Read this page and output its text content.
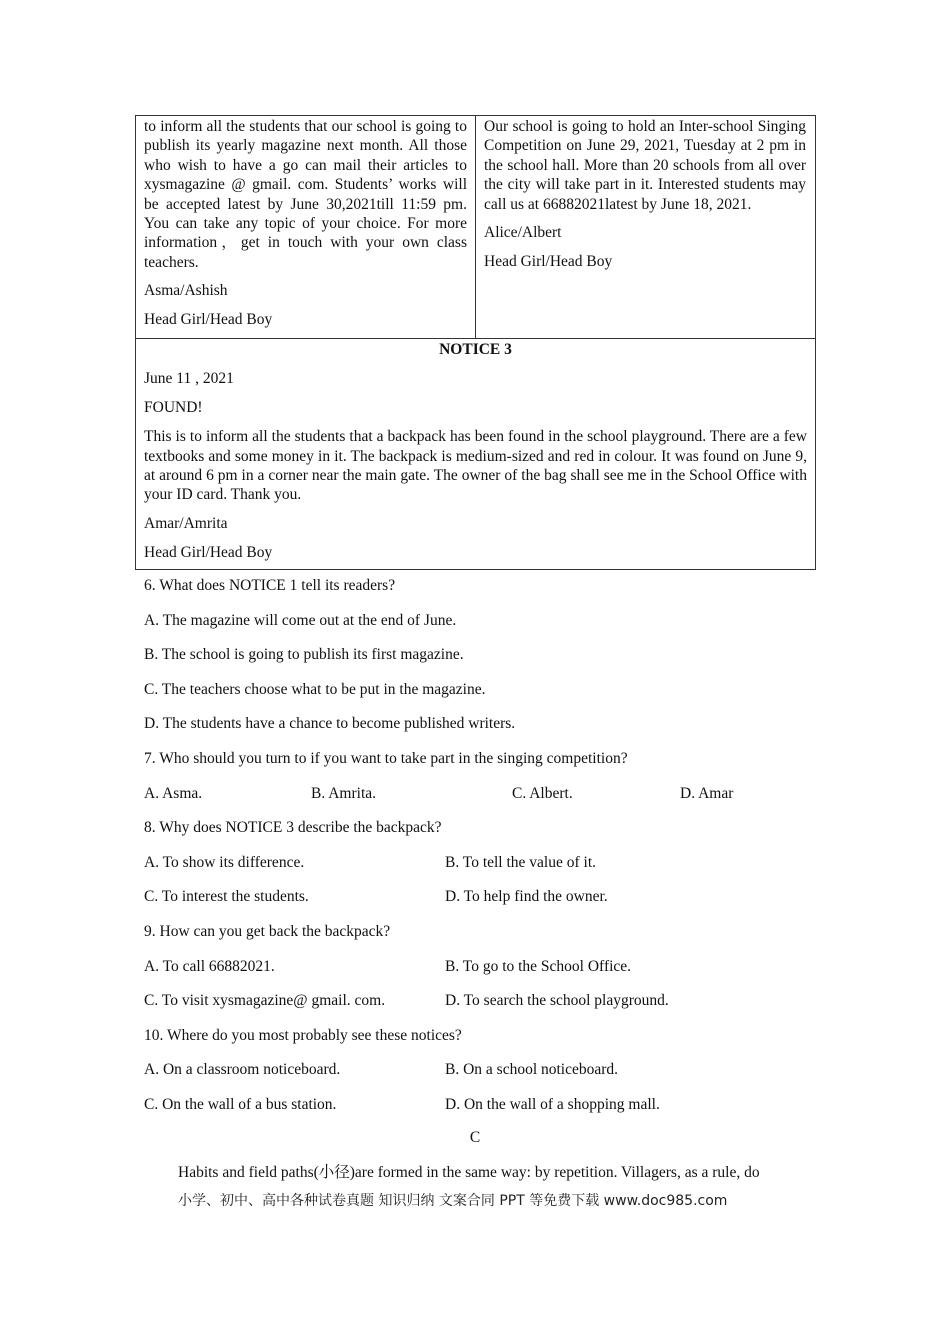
to inform all the students that our school is going to publish its yearly magazine next month. All those who wish to have a go can mail their articles to xysmagazine @ gmail. com. Students’ works will be accepted latest by June 30,2021till 11:59 pm. You can take any topic of your choice. For more information，get in touch with your own class teachers.

Asma/Ashish

Head Girl/Head Boy

Our school is going to hold an Inter-school Singing Competition on June 29, 2021, Tuesday at 2 pm in the school hall. More than 20 schools from all over the city will take part in it. Interested students may call us at 66882021latest by June 18, 2021.

Alice/Albert

Head Girl/Head Boy

NOTICE 3

June 11 , 2021

FOUND!

This is to inform all the students that a backpack has been found in the school playground. There are a few textbooks and some money in it. The backpack is medium-sized and red in colour. It was found on June 9, at around 6 pm in a corner near the main gate. The owner of the bag shall see me in the School Office with your ID card. Thank you.

Amar/Amrita

Head Girl/Head Boy

6. What does NOTICE 1 tell its readers?
A. The magazine will come out at the end of June.
B. The school is going to publish its first magazine.
C. The teachers choose what to be put in the magazine.
D. The students have a chance to become published writers.
7. Who should you turn to if you want to take part in the singing competition?
A. Asma.	B. Amrita.	C. Albert.	D. Amar
8. Why does NOTICE 3 describe the backpack?
A. To show its difference.	B. To tell the value of it.
C. To interest the students.	D. To help find the owner.
9. How can you get back the backpack?
A. To call 66882021.	B. To go to the School Office.
C. To visit xysmagazine@ gmail. com.	D. To search the school playground.
10. Where do you most probably see these notices?
A. On a classroom noticeboard.	B. On a school noticeboard.
C. On the wall of a bus station.	D. On the wall of a shopping mall.
C
Habits and field paths(小径)are formed in the same way: by repetition. Villagers, as a rule, do
小学、初中、高中各种试卷真题 知识归纳 文案合同 PPT 等免费下载 www.doc985.com
